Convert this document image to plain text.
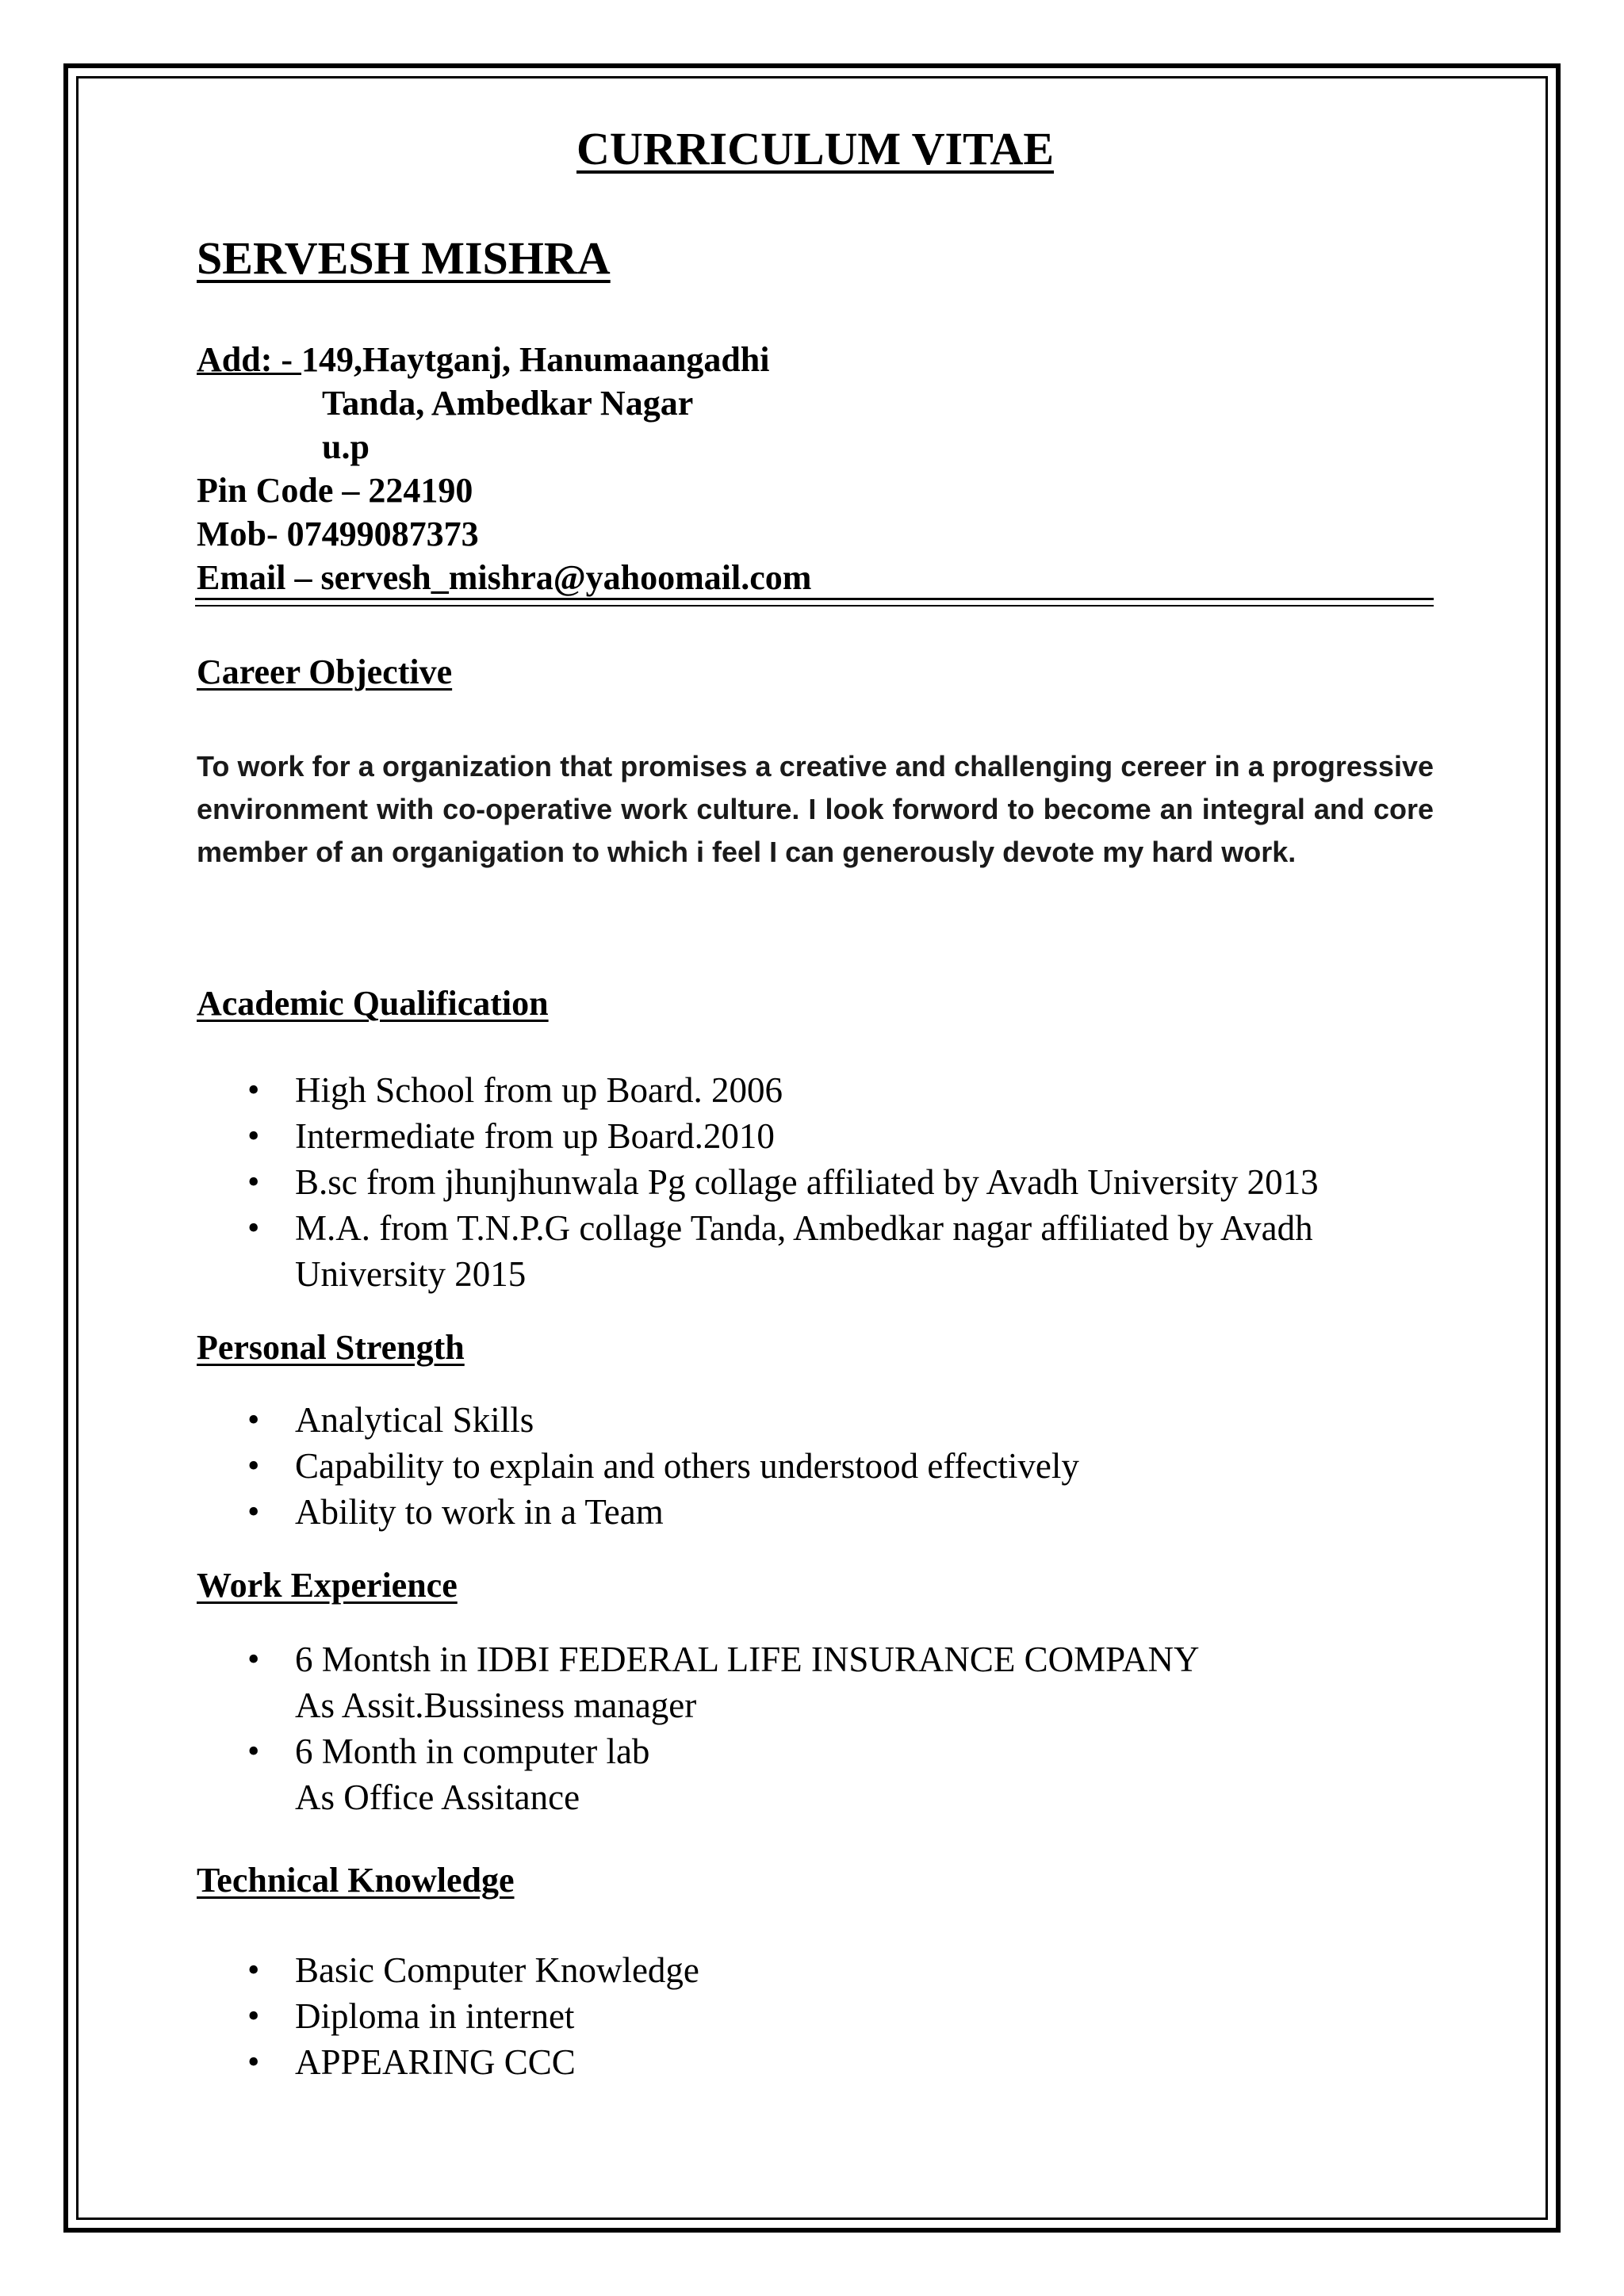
CURRICULUM VITAE
SERVESH MISHRA
Add: - 149,Haytganj, Hanumaangadhi
Tanda, Ambedkar Nagar
u.p
Pin Code – 224190
Mob- 07499087373
Email – servesh_mishra@yahoomail.com
Career Objective
To work for a organization that promises a creative and challenging cereer in a progressive environment with co-operative work culture. I look forword to become an integral and core member of an organigation to which i feel I can generously devote my hard work.
Academic Qualification
• High School from up Board. 2006
• Intermediate from up Board.2010
• B.sc from jhunjhunwala Pg collage affiliated by Avadh University 2013
• M.A. from T.N.P.G collage Tanda, Ambedkar nagar affiliated by Avadh
University 2015
Personal Strength
• Analytical Skills
• Capability to explain and others understood effectively
• Ability to work in a Team
Work Experience
• 6 Montsh in IDBI FEDERAL LIFE INSURANCE COMPANY
As Assit.Bussiness manager
• 6 Month in computer lab
As Office Assitance
Technical Knowledge
• Basic Computer Knowledge
• Diploma in internet
• APPEARING CCC
